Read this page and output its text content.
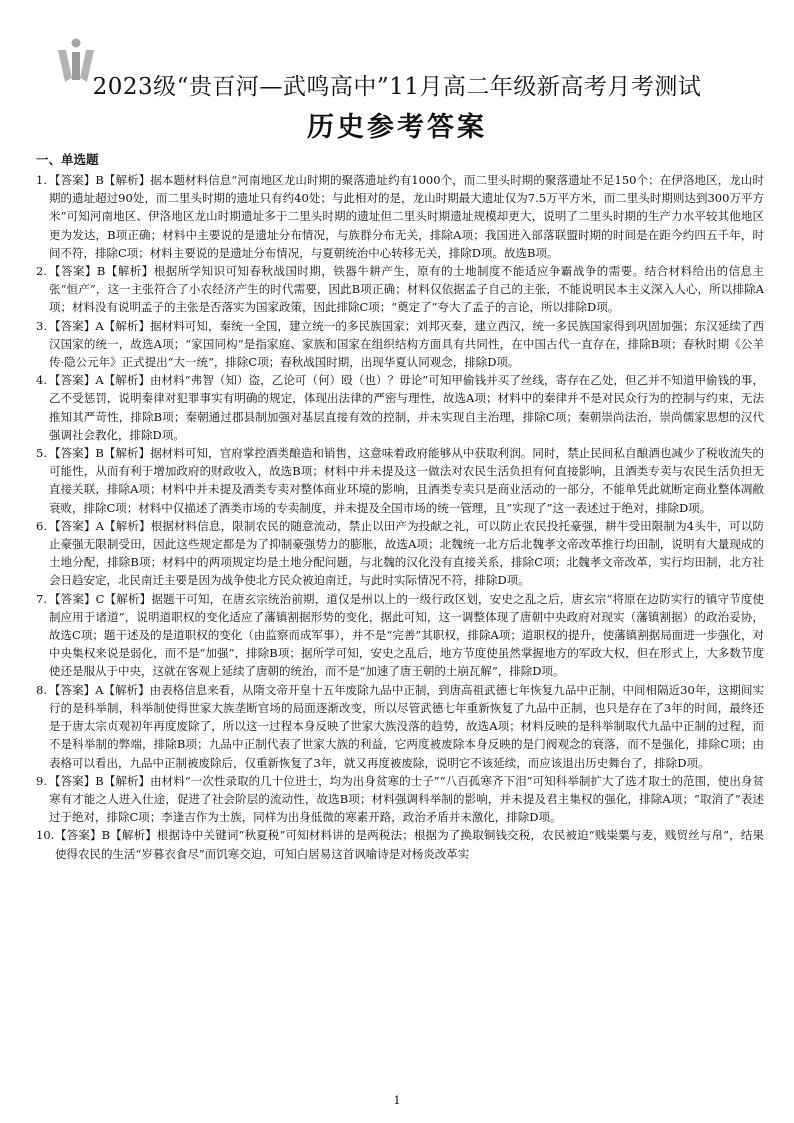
2023级“贵百河—武鸣高中”11月高二年级新高考月考测试
历史参考答案
一、单选题

1. 【答案】B【解析】据本题材料信息“河南地区龙山时期的聚落遗址约有1000个，而二里头时期的聚落遗址不足150个；在伊洛地区，龙山时期的遗址超过90处，而二里头时期的遗址只有约40处；与此相对的是，龙山时期最大遗址仅为7.5万平方米，而二里头时期则达到300万平方米”可知河南地区、伊洛地区龙山时期遗址多于二里头时期的遗址但二里头时期遗址规模却更大，说明了二里头时期的生产力水平较其他地区更为发达，B项正确；材料中主要说的是遗址分布情况，与族群分布无关，排除A项；我国进入部落联盟时期的时间是在距今约四五千年，时间不符，排除C项；材料主要说的是遗址分布情况，与夏朝统治中心转移无关，排除D项。故选B项。

2. 【答案】B【解析】根据所学知识可知春秋战国时期，铁器牛耕产生，原有的土地制度不能适应争霸战争的需要。结合材料给出的信息主张“恒产”，这一主张符合了小农经济产生的时代需要，因此B项正确；材料仅依据孟子自己的主张，不能说明民本主义深入人心，所以排除A项；材料没有说明孟子的主张是否落实为国家政策，因此排除C项；“奠定了”夸大了孟子的言论，所以排除D项。

3. 【答案】A【解析】据材料可知，秦统一全国，建立统一的多民族国家；刘邦灭秦，建立西汉，统一多民族国家得到巩固加强；东汉延续了西汉国家的统一，故选A项；“家国同构”是指家庭、家族和国家在组织结构方面具有共同性，在中国古代一直存在，排除B项；春秋时期《公羊传·隐公元年》正式提出“大一统”，排除C项；春秋战国时期，出现华夏认同观念，排除D项。

4. 【答案】A【解析】由材料“弗智（知）盗，乙论可（何）殴（也）？毋论”可知甲偷钱并买了丝线，寄存在乙处，但乙并不知道甲偷钱的事，乙不受惩罚，说明秦律对犯罪事实有明确的规定，体现出法律的严密与理性，故选A项；材料中的秦律并不是对民众行为的控制与约束，无法推知其严苛性，排除B项；秦朝通过郡县制加强对基层直接有效的控制，并未实现自主治理，排除C项；秦朝崇尚法治，崇尚儒家思想的汉代强调社会教化，排除D项。

5. 【答案】B【解析】据材料可知，官府掌控酒类酿造和销售，这意味着政府能够从中获取利润。同时，禁止民间私自酿酒也减少了税收流失的可能性，从而有利于增加政府的财政收入，故选B项；材料中并未提及这一做法对农民生活负担有何直接影响，且酒类专卖与农民生活负担无直接关联，排除A项；材料中并未提及酒类专卖对整体商业环境的影响，且酒类专卖只是商业活动的一部分，不能单凭此就断定商业整体凋敝衰败，排除C项；材料中仅描述了酒类市场的专卖制度，并未提及全国市场的统一管理，且“实现了”这一表述过于绝对，排除D项。

6. 【答案】A【解析】根据材料信息，限制农民的随意流动，禁止以田产为投献之礼，可以防止农民投托豪强，耕牛受田限制为4头牛，可以防止豪强无限制受田，因此这些规定都是为了抑制豪强势力的膨胀，故选A项；北魏统一北方后北魏孝文帝改革推行均田制，说明有大量现成的土地分配，排除B项；材料中的两项规定均是土地分配问题，与北魏的汉化没有直接关系，排除C项；北魏孝文帝改革，实行均田制，北方社会日趋安定，北民南迁主要是因为战争使北方民众被迫南迁，与此时实际情况不符，排除D项。

7. 【答案】C【解析】据题干可知，在唐玄宗统治前期，道仅是州以上的一级行政区划，安史之乱之后，唐玄宗“将原在边防实行的镇守节度使制应用于诸道”，说明道职权的变化适应了藩镇割据形势的变化，据此可知，这一调整体现了唐朝中央政府对现实（藩镇割据）的政治妥协，故选C项；题干述及的是道职权的变化（由监察而成军事），并不是“完善”其职权，排除A项；道职权的提升，使藩镇割据局面进一步强化，对中央集权来说是弱化，而不是“加强”，排除B项；据所学可知，安史之乱后，地方节度使虽然掌握地方的军政大权，但在形式上，大多数节度使还是服从于中央，这就在客观上延续了唐朝的统治，而不是“加速了唐王朝的土崩瓦解”，排除D项。

8. 【答案】A【解析】由表格信息来看，从隋文帝开皇十五年废除九品中正制，到唐高祖武德七年恢复九品中正制，中间相隔近30年，这期间实行的是科举制，科举制使得世家大族垄断官场的局面逐渐改变，所以尽管武德七年重新恢复了九品中正制，也只是存在了3年的时间，最终还是于唐太宗贞观初年再度废除了，所以这一过程本身反映了世家大族没落的趋势，故选A项；材料反映的是科举制取代九品中正制的过程，而不是科举制的弊端，排除B项；九品中正制代表了世家大族的利益，它两度被废除本身反映的是门阀观念的衰落，而不是强化，排除C项；由表格可以看出，九品中正制被废除后，仅重新恢复了3年，就又再度被废除，说明它不该延续，而应该退出历史舞台了，排除D项。

9. 【答案】B【解析】由材料“一次性录取的几十位进士，均为出身贫寒的士子”“八百孤寒齐下泪”可知科举制扩大了选才取士的范围，使出身贫寒有才能之人进入仕途，促进了社会阶层的流动性，故选B项；材料强调科举制的影响，并未提及君主集权的强化，排除A项；“取消了”表述过于绝对，排除C项；李逢吉作为士族，同样为出身低微的寒素开路，政治矛盾并未激化，排除D项。

10. 【答案】B【解析】根据诗中关键词“秋夏税”可知材料讲的是两税法；根据为了换取铜钱交税，农民被迫“贱粜粟与麦，贱贸丝与帛”，结果使得农民的生活“岁暮衣食尽”而饥寒交迫，可知白居易这首讽喻诗是对杨炎改革实

1
